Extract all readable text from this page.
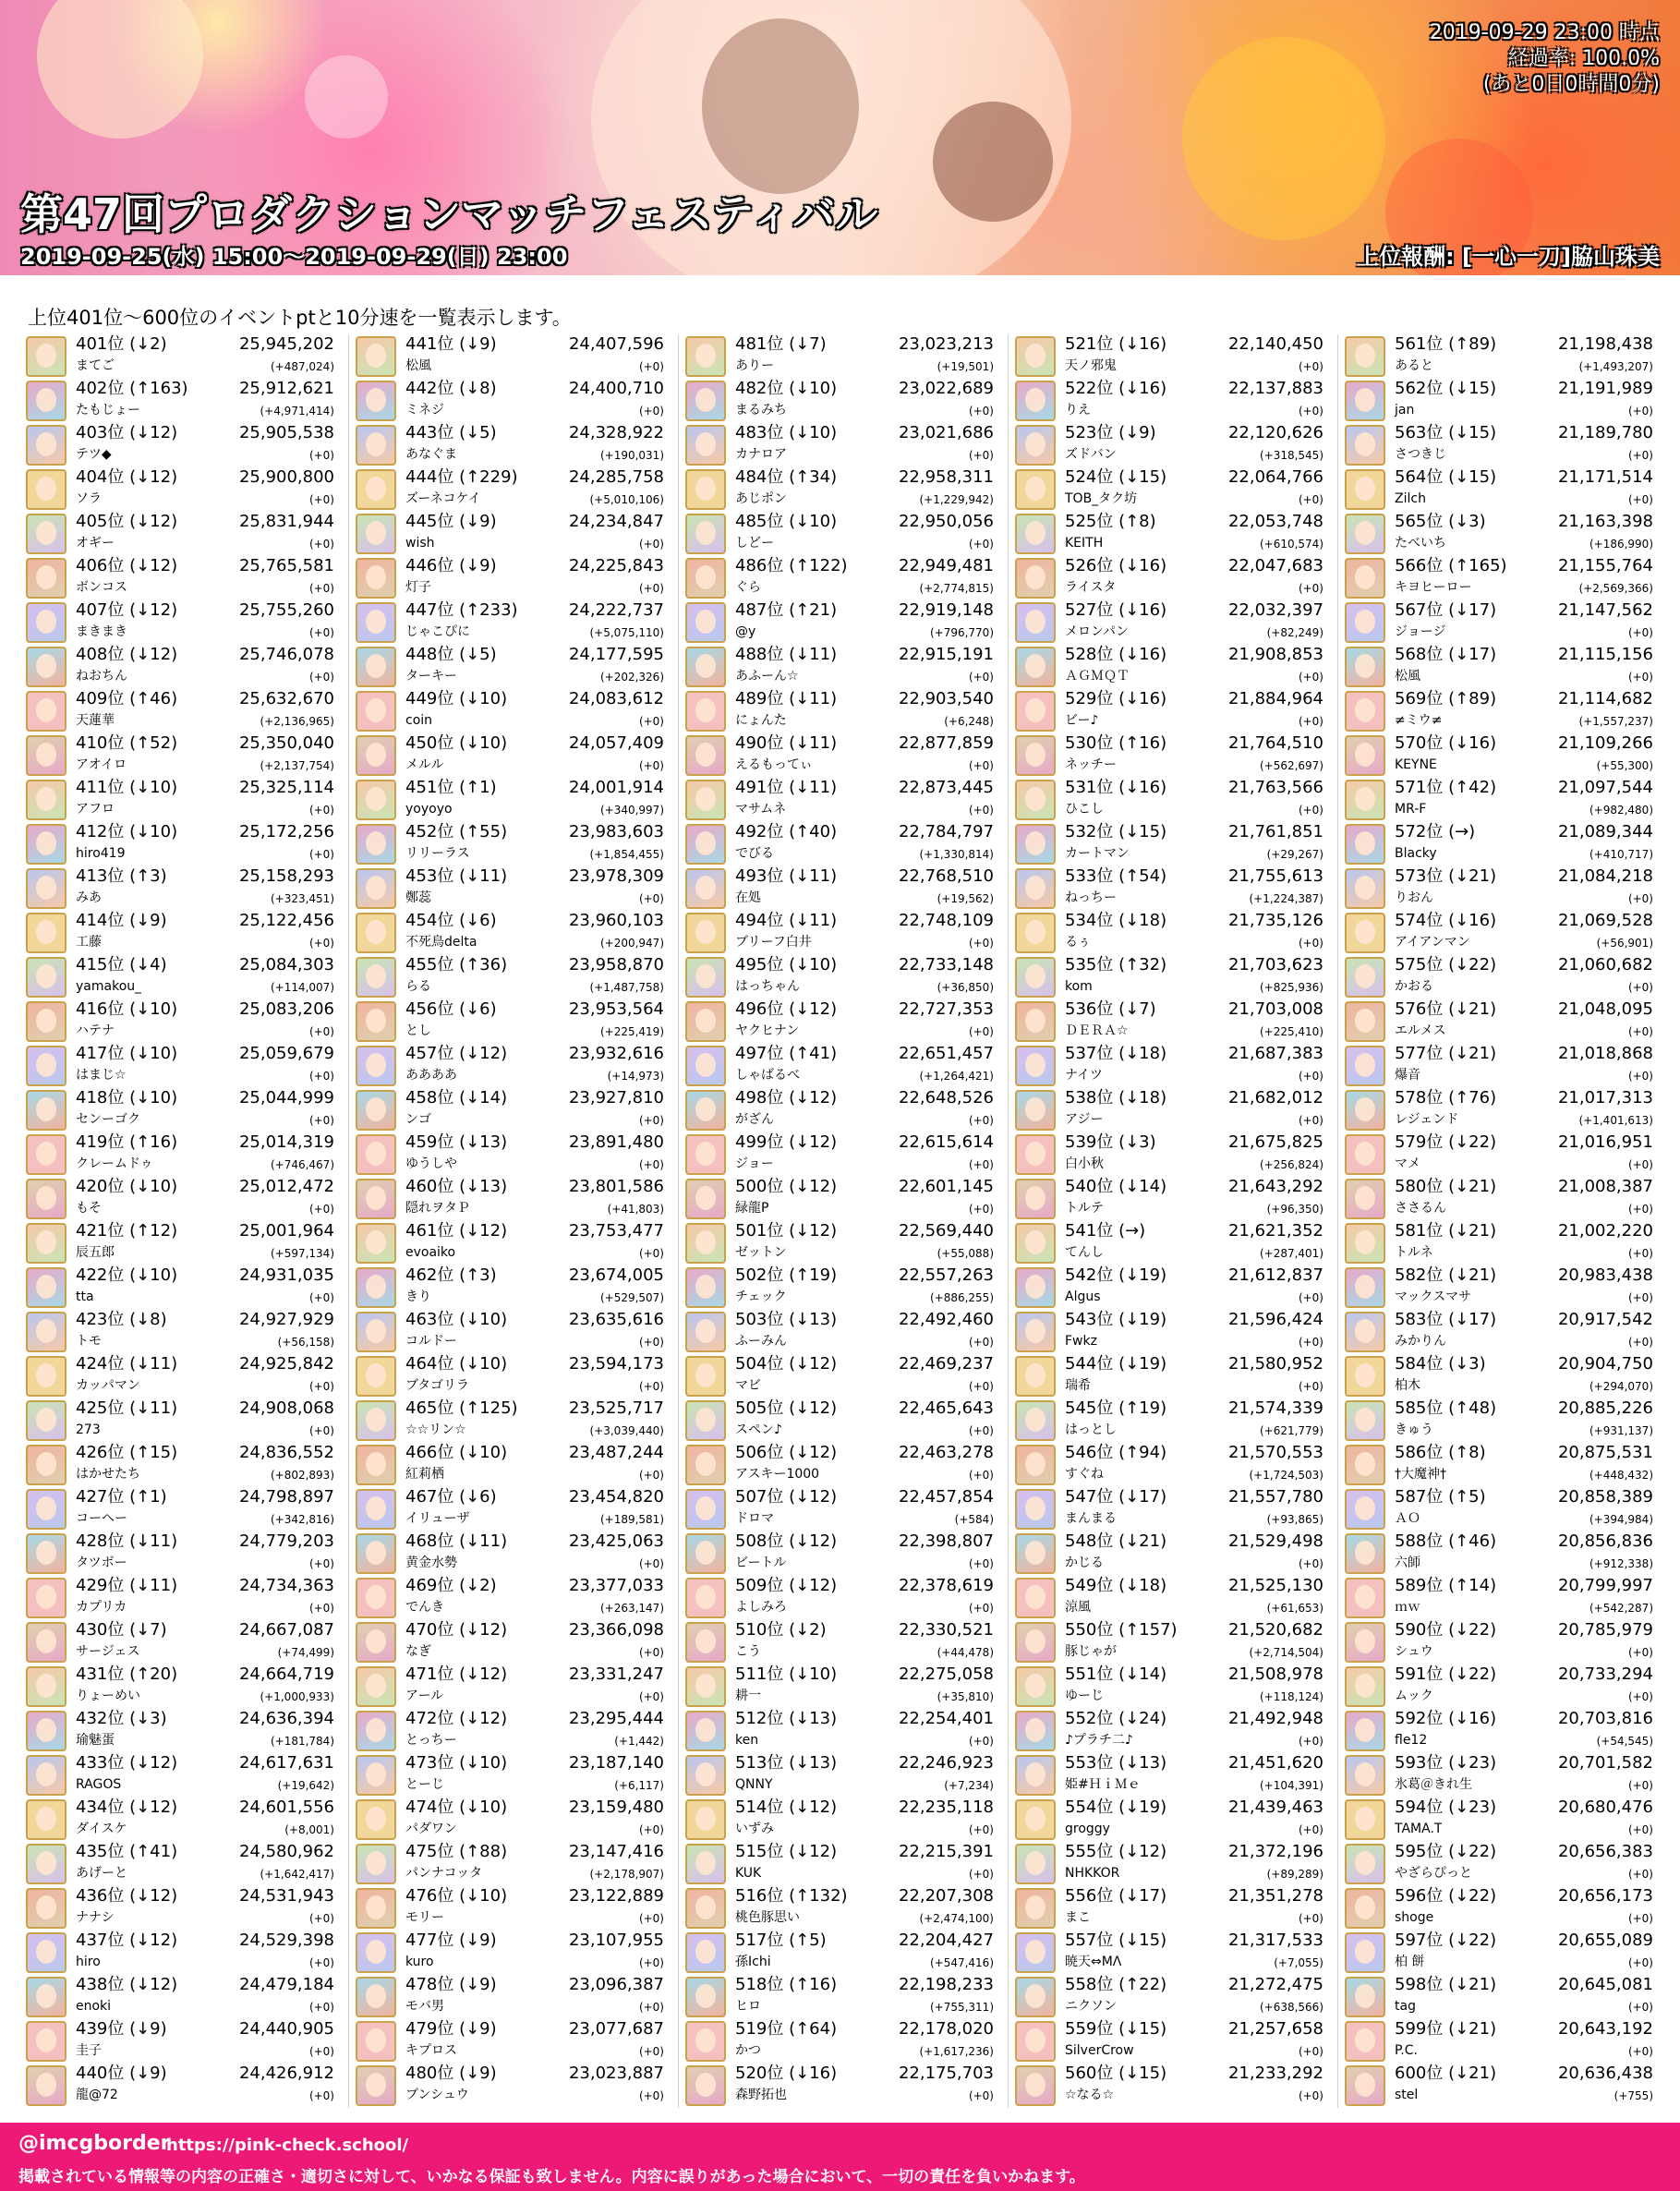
2019-09-29 23:00 時点
経過率: 100.0%
(あと0日0時間0分)
第47回プロダクションマッチフェスティバル
2019-09-25(水) 15:00～2019-09-29(日) 23:00	上位報酬: [一心一刀]脇山珠美
上位401位～600位のイベントptと10分速を一覧表示します。
401位 (↓2)	25,945,202
まてご	(+487,024)
402位 (↑163)	25,912,621
たもじょー	(+4,971,414)
403位 (↓12)	25,905,538
テツ◆	(+0)
404位 (↓12)	25,900,800
ソラ	(+0)
405位 (↓12)	25,831,944
オギー	(+0)
406位 (↓12)	25,765,581
ボンコス	(+0)
407位 (↓12)	25,755,260
まきまき	(+0)
408位 (↓12)	25,746,078
ねおちん	(+0)
409位 (↑46)	25,632,670
天蓮華	(+2,136,965)
410位 (↑52)	25,350,040
アオイロ	(+2,137,754)
411位 (↓10)	25,325,114
アフロ	(+0)
412位 (↓10)	25,172,256
hiro419	(+0)
413位 (↑3)	25,158,293
みあ	(+323,451)
414位 (↓9)	25,122,456
工藤	(+0)
415位 (↓4)	25,084,303
yamakou_	(+114,007)
416位 (↓10)	25,083,206
ハテナ	(+0)
417位 (↓10)	25,059,679
はまじ☆	(+0)
418位 (↓10)	25,044,999
センーゴク	(+0)
419位 (↑16)	25,014,319
クレームドゥ	(+746,467)
420位 (↓10)	25,012,472
もそ	(+0)
421位 (↑12)	25,001,964
辰五郎	(+597,134)
422位 (↓10)	24,931,035
tta	(+0)
423位 (↓8)	24,927,929
トモ	(+56,158)
424位 (↓11)	24,925,842
カッパマン	(+0)
425位 (↓11)	24,908,068
273	(+0)
426位 (↑15)	24,836,552
はかせたち	(+802,893)
427位 (↑1)	24,798,897
コーヘー	(+342,816)
428位 (↓11)	24,779,203
タツボー	(+0)
429位 (↓11)	24,734,363
カプリカ	(+0)
430位 (↓7)	24,667,087
サージェス	(+74,499)
431位 (↑20)	24,664,719
りょーめい	(+1,000,933)
432位 (↓3)	24,636,394
瑜魅蛋	(+181,784)
433位 (↓12)	24,617,631
RAGOS	(+19,642)
434位 (↓12)	24,601,556
ダイスケ	(+8,001)
435位 (↑41)	24,580,962
あげーと	(+1,642,417)
436位 (↓12)	24,531,943
ナナシ	(+0)
437位 (↓12)	24,529,398
hiro	(+0)
438位 (↓12)	24,479,184
enoki	(+0)
439位 (↓9)	24,440,905
圭子	(+0)
440位 (↓9)	24,426,912
龍@72	(+0)
441位 (↓9)	24,407,596
松風	(+0)
442位 (↓8)	24,400,710
ミネジ	(+0)
443位 (↓5)	24,328,922
あなぐま	(+190,031)
444位 (↑229)	24,285,758
ズーネコケイ	(+5,010,106)
445位 (↓9)	24,234,847
wish	(+0)
446位 (↓9)	24,225,843
灯子	(+0)
447位 (↑233)	24,222,737
じゃこぴに	(+5,075,110)
448位 (↓5)	24,177,595
ターキー	(+202,326)
449位 (↓10)	24,083,612
coin	(+0)
450位 (↓10)	24,057,409
メルル	(+0)
451位 (↑1)	24,001,914
yoyoyo	(+340,997)
452位 (↑55)	23,983,603
リリーラス	(+1,854,455)
453位 (↓11)	23,978,309
鄭蕊	(+0)
454位 (↓6)	23,960,103
不死鳥delta	(+200,947)
455位 (↑36)	23,958,870
らる	(+1,487,758)
456位 (↓6)	23,953,564
とし	(+225,419)
457位 (↓12)	23,932,616
ああああ	(+14,973)
458位 (↓14)	23,927,810
ンゴ	(+0)
459位 (↓13)	23,891,480
ゆうしや	(+0)
460位 (↓13)	23,801,586
隠れヲタＰ	(+41,803)
461位 (↓12)	23,753,477
evoaiko	(+0)
462位 (↑3)	23,674,005
きり	(+529,507)
463位 (↓10)	23,635,616
コルドー	(+0)
464位 (↓10)	23,594,173
ブタゴリラ	(+0)
465位 (↑125)	23,525,717
☆☆リン☆	(+3,039,440)
466位 (↓10)	23,487,244
紅莉栖	(+0)
467位 (↓6)	23,454,820
イリューザ	(+189,581)
468位 (↓11)	23,425,063
黄金水勢	(+0)
469位 (↓2)	23,377,033
でんき	(+263,147)
470位 (↓12)	23,366,098
なぎ	(+0)
471位 (↓12)	23,331,247
アール	(+0)
472位 (↓12)	23,295,444
とっちー	(+1,442)
473位 (↓10)	23,187,140
とーじ	(+6,117)
474位 (↓10)	23,159,480
パダワン	(+0)
475位 (↑88)	23,147,416
パンナコッタ	(+2,178,907)
476位 (↓10)	23,122,889
モリー	(+0)
477位 (↓9)	23,107,955
kuro	(+0)
478位 (↓9)	23,096,387
モバ男	(+0)
479位 (↓9)	23,077,687
キプロス	(+0)
480位 (↓9)	23,023,887
ブンシュウ	(+0)
481位 (↓7)	23,023,213
ありー	(+19,501)
482位 (↓10)	23,022,689
まるみち	(+0)
483位 (↓10)	23,021,686
カナロア	(+0)
484位 (↑34)	22,958,311
あじポン	(+1,229,942)
485位 (↓10)	22,950,056
しどー	(+0)
486位 (↑122)	22,949,481
ぐら	(+2,774,815)
487位 (↑21)	22,919,148
@y	(+796,770)
488位 (↓11)	22,915,191
あふーん☆	(+0)
489位 (↓11)	22,903,540
にょんた	(+6,248)
490位 (↓11)	22,877,859
えるもってぃ	(+0)
491位 (↓11)	22,873,445
マサムネ	(+0)
492位 (↑40)	22,784,797
でびる	(+1,330,814)
493位 (↓11)	22,768,510
在処	(+19,562)
494位 (↓11)	22,748,109
ブリーフ白井	(+0)
495位 (↓10)	22,733,148
はっちゃん	(+36,850)
496位 (↓12)	22,727,353
ヤクヒナン	(+0)
497位 (↑41)	22,651,457
しゃばるべ	(+1,264,421)
498位 (↓12)	22,648,526
がざん	(+0)
499位 (↓12)	22,615,614
ジョー	(+0)
500位 (↓12)	22,601,145
緑龍P	(+0)
501位 (↓12)	22,569,440
ゼットン	(+55,088)
502位 (↑19)	22,557,263
チェック	(+886,255)
503位 (↓13)	22,492,460
ふーみん	(+0)
504位 (↓12)	22,469,237
マビ	(+0)
505位 (↓12)	22,465,643
スペン♪	(+0)
506位 (↓12)	22,463,278
アスキー1000	(+0)
507位 (↓12)	22,457,854
ドロマ	(+584)
508位 (↓12)	22,398,807
ビートル	(+0)
509位 (↓12)	22,378,619
よしみろ	(+0)
510位 (↓2)	22,330,521
こう	(+44,478)
511位 (↓10)	22,275,058
耕一	(+35,810)
512位 (↓13)	22,254,401
ken	(+0)
513位 (↓13)	22,246,923
QNNY	(+7,234)
514位 (↓12)	22,235,118
いずみ	(+0)
515位 (↓12)	22,215,391
KUK	(+0)
516位 (↑132)	22,207,308
桃色豚思い	(+2,474,100)
517位 (↑5)	22,204,427
孫Ichi	(+547,416)
518位 (↑16)	22,198,233
ヒロ	(+755,311)
519位 (↑64)	22,178,020
かつ	(+1,617,236)
520位 (↓16)	22,175,703
森野拓也	(+0)
521位 (↓16)	22,140,450
天ノ邪鬼	(+0)
522位 (↓16)	22,137,883
りえ	(+0)
523位 (↓9)	22,120,626
ズドバン	(+318,545)
524位 (↓15)	22,064,766
TOB_タク坊	(+0)
525位 (↑8)	22,053,748
KEITH	(+610,574)
526位 (↓16)	22,047,683
ライスタ	(+0)
527位 (↓16)	22,032,397
メロンパン	(+82,249)
528位 (↓16)	21,908,853
ＡＧＭＱＴ	(+0)
529位 (↓16)	21,884,964
ビー♪	(+0)
530位 (↑16)	21,764,510
ネッチー	(+562,697)
531位 (↓16)	21,763,566
ひこし	(+0)
532位 (↓15)	21,761,851
カートマン	(+29,267)
533位 (↑54)	21,755,613
ねっちー	(+1,224,387)
534位 (↓18)	21,735,126
るぅ	(+0)
535位 (↑32)	21,703,623
kom	(+825,936)
536位 (↓7)	21,703,008
ＤＥＲＡ☆	(+225,410)
537位 (↓18)	21,687,383
ナイツ	(+0)
538位 (↓18)	21,682,012
アジー	(+0)
539位 (↓3)	21,675,825
白小秋	(+256,824)
540位 (↓14)	21,643,292
トルテ	(+96,350)
541位 (→)	21,621,352
てんし	(+287,401)
542位 (↓19)	21,612,837
Algus	(+0)
543位 (↓19)	21,596,424
Fwkz	(+0)
544位 (↓19)	21,580,952
瑞希	(+0)
545位 (↑19)	21,574,339
はっとし	(+621,779)
546位 (↑94)	21,570,553
すぐね	(+1,724,503)
547位 (↓17)	21,557,780
まんまる	(+93,865)
548位 (↓21)	21,529,498
かじる	(+0)
549位 (↓18)	21,525,130
涼風	(+61,653)
550位 (↑157)	21,520,682
豚じゃが	(+2,714,504)
551位 (↓14)	21,508,978
ゆーじ	(+118,124)
552位 (↓24)	21,492,948
♪プラチ二♪	(+0)
553位 (↓13)	21,451,620
姫#ＨｉＭｅ	(+104,391)
554位 (↓19)	21,439,463
groggy	(+0)
555位 (↓12)	21,372,196
NHKKOR	(+89,289)
556位 (↓17)	21,351,278
まこ	(+0)
557位 (↓15)	21,317,533
暁天⇔MΛ	(+7,055)
558位 (↑22)	21,272,475
ニクソン	(+638,566)
559位 (↓15)	21,257,658
SilverCrow	(+0)
560位 (↓15)	21,233,292
☆なる☆	(+0)
561位 (↑89)	21,198,438
あると	(+1,493,207)
562位 (↓15)	21,191,989
jan	(+0)
563位 (↓15)	21,189,780
さつきじ	(+0)
564位 (↓15)	21,171,514
Zilch	(+0)
565位 (↓3)	21,163,398
たべいち	(+186,990)
566位 (↑165)	21,155,764
キヨヒーロー	(+2,569,366)
567位 (↓17)	21,147,562
ジョージ	(+0)
568位 (↓17)	21,115,156
松風	(+0)
569位 (↑89)	21,114,682
≠ミウ≠	(+1,557,237)
570位 (↓16)	21,109,266
KEYNE	(+55,300)
571位 (↑42)	21,097,544
MR-F	(+982,480)
572位 (→)	21,089,344
Blacky	(+410,717)
573位 (↓21)	21,084,218
りおん	(+0)
574位 (↓16)	21,069,528
アイアンマン	(+56,901)
575位 (↓22)	21,060,682
かおる	(+0)
576位 (↓21)	21,048,095
エルメス	(+0)
577位 (↓21)	21,018,868
爆音	(+0)
578位 (↑76)	21,017,313
レジェンド	(+1,401,613)
579位 (↓22)	21,016,951
マメ	(+0)
580位 (↓21)	21,008,387
ささるん	(+0)
581位 (↓21)	21,002,220
トルネ	(+0)
582位 (↓21)	20,983,438
マックスマサ	(+0)
583位 (↓17)	20,917,542
みかりん	(+0)
584位 (↓3)	20,904,750
柏木	(+294,070)
585位 (↑48)	20,885,226
きゅう	(+931,137)
586位 (↑8)	20,875,531
†大魔神†	(+448,432)
587位 (↑5)	20,858,389
ＡＯ	(+394,984)
588位 (↑46)	20,856,836
六師	(+912,338)
589位 (↑14)	20,799,997
ｍｗ	(+542,287)
590位 (↓22)	20,785,979
シュウ	(+0)
591位 (↓22)	20,733,294
ムック	(+0)
592位 (↓16)	20,703,816
fle12	(+54,545)
593位 (↓23)	20,701,582
氷葛＠きれ生	(+0)
594位 (↓23)	20,680,476
TAMA.T	(+0)
595位 (↓22)	20,656,383
やざらぴっと	(+0)
596位 (↓22)	20,656,173
shoge	(+0)
597位 (↓22)	20,655,089
柏 餅	(+0)
598位 (↓21)	20,645,081
tag	(+0)
599位 (↓21)	20,643,192
P.C.	(+0)
600位 (↓21)	20,636,438
stel	(+755)
@imcgborder
https://pink-check.school/
掲載されている情報等の内容の正確さ・適切さに対して、いかなる保証も致しません。内容に誤りがあった場合において、一切の責任を負いかねます。
